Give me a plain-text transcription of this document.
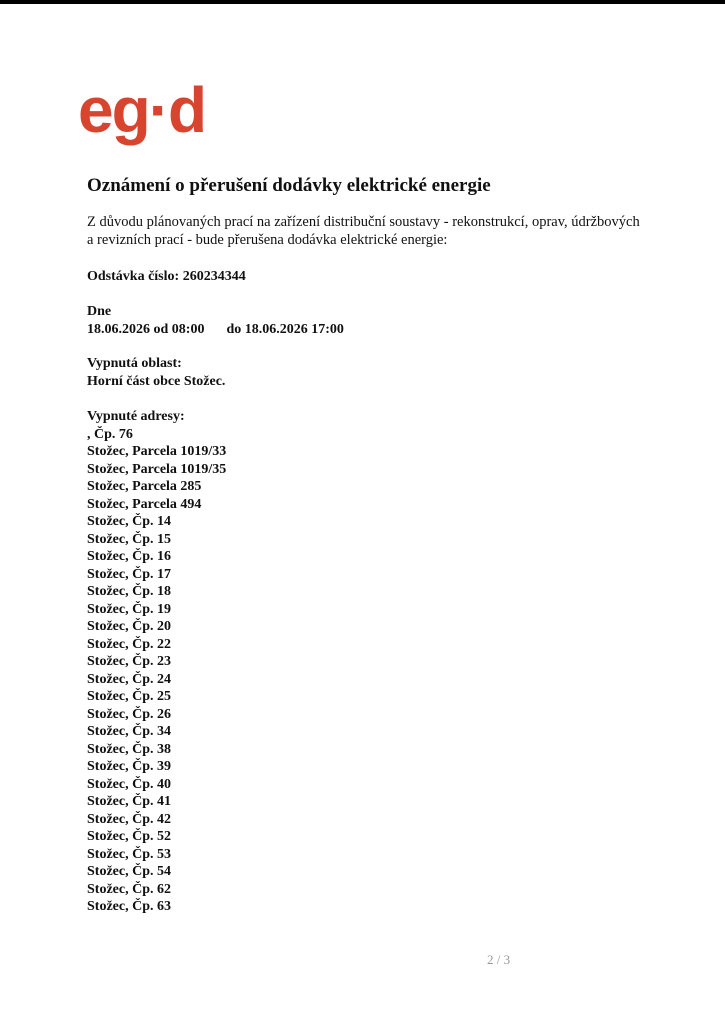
eg·d
Oznámení o přerušení dodávky elektrické energie

Z důvodu plánovaných prací na zařízení distribuční soustavy - rekonstrukcí, oprav, údržbových a revizních prací - bude přerušena dodávka elektrické energie:

Odstávka číslo: 260234344
Dne
18.06.2026 od 08:00 do 18.06.2026 17:00
Vypnutá oblast:
Horní část obce Stožec.
Vypnuté adresy:
, Čp. 76
Stožec, Parcela 1019/33
Stožec, Parcela 1019/35
Stožec, Parcela 285
Stožec, Parcela 494
Stožec, Čp. 14
Stožec, Čp. 15
Stožec, Čp. 16
Stožec, Čp. 17
Stožec, Čp. 18
Stožec, Čp. 19
Stožec, Čp. 20
Stožec, Čp. 22
Stožec, Čp. 23
Stožec, Čp. 24
Stožec, Čp. 25
Stožec, Čp. 26
Stožec, Čp. 34
Stožec, Čp. 38
Stožec, Čp. 39
Stožec, Čp. 40
Stožec, Čp. 41
Stožec, Čp. 42
Stožec, Čp. 52
Stožec, Čp. 53
Stožec, Čp. 54
Stožec, Čp. 62
Stožec, Čp. 63
2 / 3
